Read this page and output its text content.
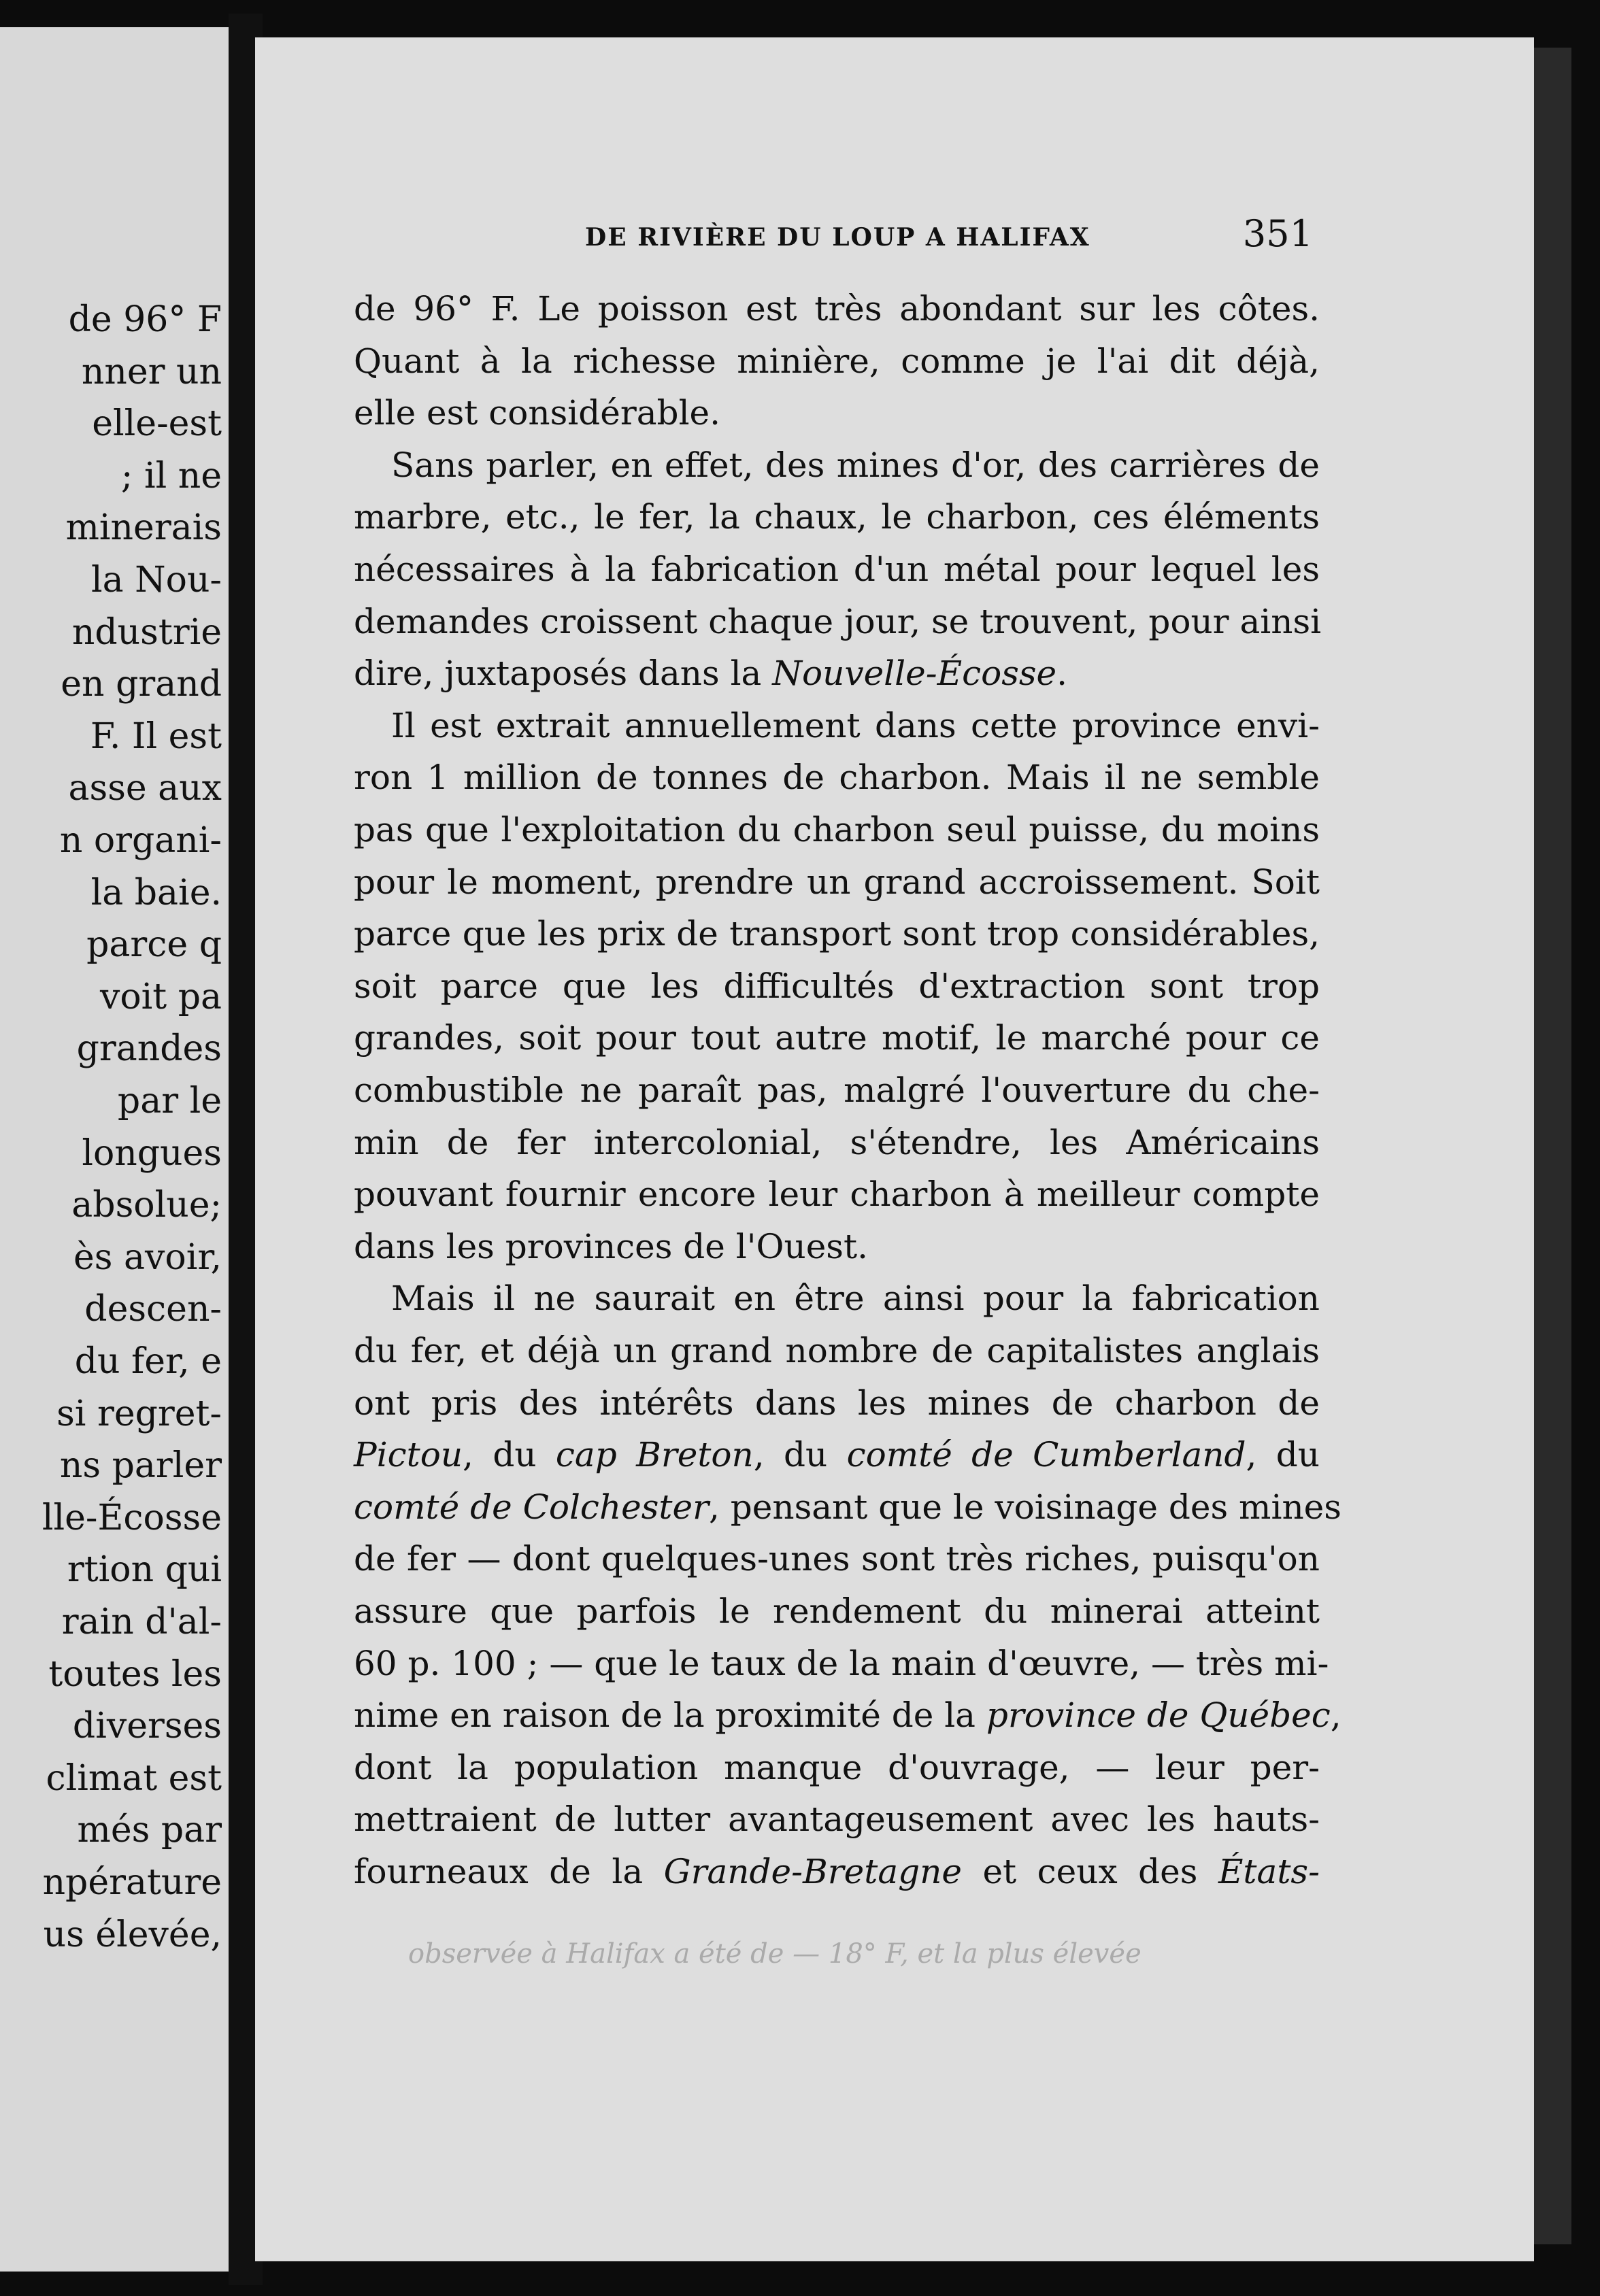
de 96° F
nner un
elle-est
; il ne
minerais
la Nou-
ndustrie
en grand
F. Il est
asse aux
n organi-
la baie.
parce q
voit pa
grandes
par le
longues
absolue;
ès avoir,
descen-
du fer, e
si regret-
ns parler
lle-Écosse
rtion qui
rain d'al-
toutes les
diverses
climat est
més par
npérature
us élevée,
DE RIVIÈRE DU LOUP A HALIFAX	351
de 96° F. Le poisson est très abondant sur les côtes.
Quant à la richesse minière, comme je l'ai dit déjà,
elle est considérable.
Sans parler, en effet, des mines d'or, des carrières de
marbre, etc., le fer, la chaux, le charbon, ces éléments
nécessaires à la fabrication d'un métal pour lequel les
demandes croissent chaque jour, se trouvent, pour ainsi
dire, juxtaposés dans la Nouvelle-Écosse.
Il est extrait annuellement dans cette province envi-
ron 1 million de tonnes de charbon. Mais il ne semble
pas que l'exploitation du charbon seul puisse, du moins
pour le moment, prendre un grand accroissement. Soit
parce que les prix de transport sont trop considérables,
soit parce que les difficultés d'extraction sont trop
grandes, soit pour tout autre motif, le marché pour ce
combustible ne paraît pas, malgré l'ouverture du che-
min de fer intercolonial, s'étendre, les Américains
pouvant fournir encore leur charbon à meilleur compte
dans les provinces de l'Ouest.
Mais il ne saurait en être ainsi pour la fabrication
du fer, et déjà un grand nombre de capitalistes anglais
ont pris des intérêts dans les mines de charbon de
Pictou, du cap Breton, du comté de Cumberland, du
comté de Colchester, pensant que le voisinage des mines
de fer — dont quelques-unes sont très riches, puisqu'on
assure que parfois le rendement du minerai atteint
60 p. 100 ; — que le taux de la main d'œuvre, — très mi-
nime en raison de la proximité de la province de Québec
dont la population manque d'ouvrage, — leur per-
mettraient de lutter avantageusement avec les hauts-
fourneaux de la Grande-Bretagne et ceux des États-
observée à Halifax a été de — 18° F, et la plus élevée
